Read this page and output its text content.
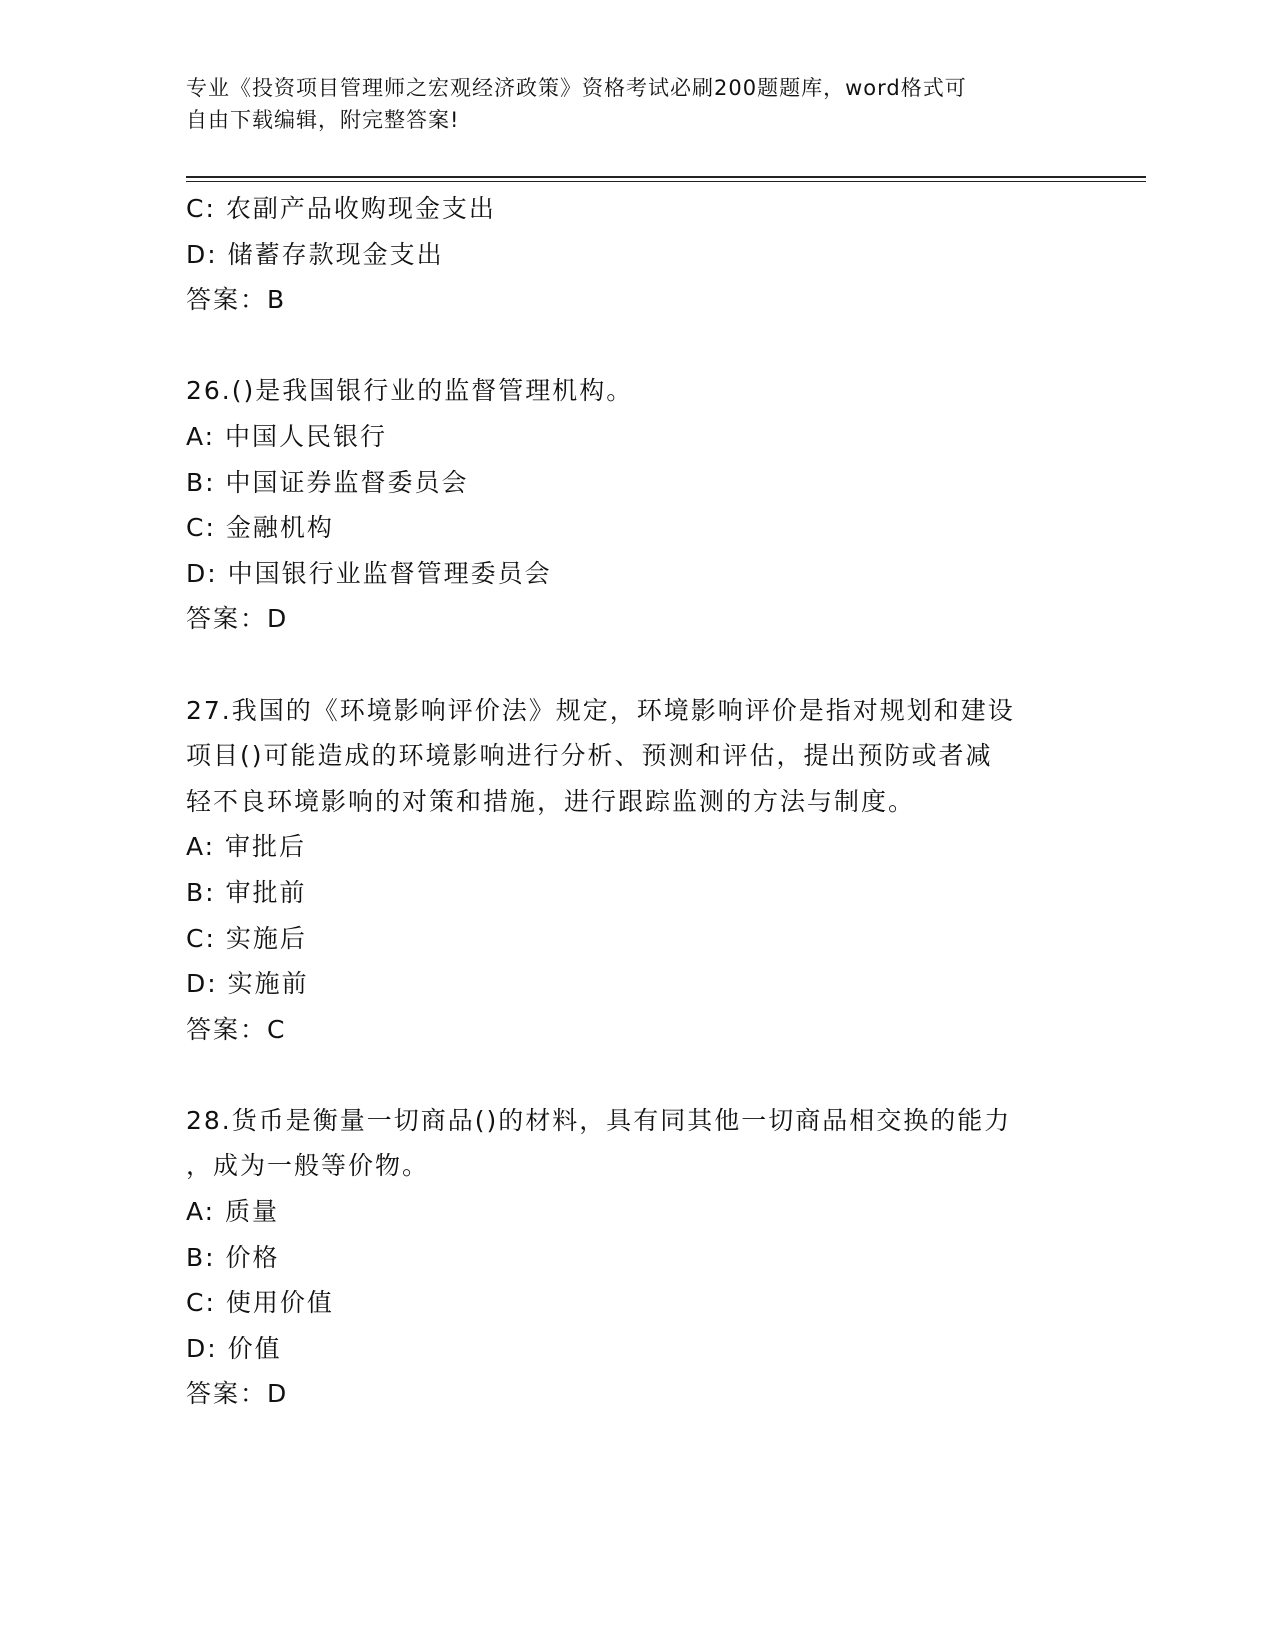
专业《投资项目管理师之宏观经济政策》资格考试必刷200题题库，word格式可
自由下载编辑，附完整答案!
C: 农副产品收购现金支出
D: 储蓄存款现金支出
答案：B
26.()是我国银行业的监督管理机构。
A: 中国人民银行
B: 中国证券监督委员会
C: 金融机构
D: 中国银行业监督管理委员会
答案：D
27.我国的《环境影响评价法》规定，环境影响评价是指对规划和建设
项目()可能造成的环境影响进行分析、预测和评估，提出预防或者减
轻不良环境影响的对策和措施，进行跟踪监测的方法与制度。
A: 审批后
B: 审批前
C: 实施后
D: 实施前
答案：C
28.货币是衡量一切商品()的材料，具有同其他一切商品相交换的能力
，成为一般等价物。
A: 质量
B: 价格
C: 使用价值
D: 价值
答案：D
